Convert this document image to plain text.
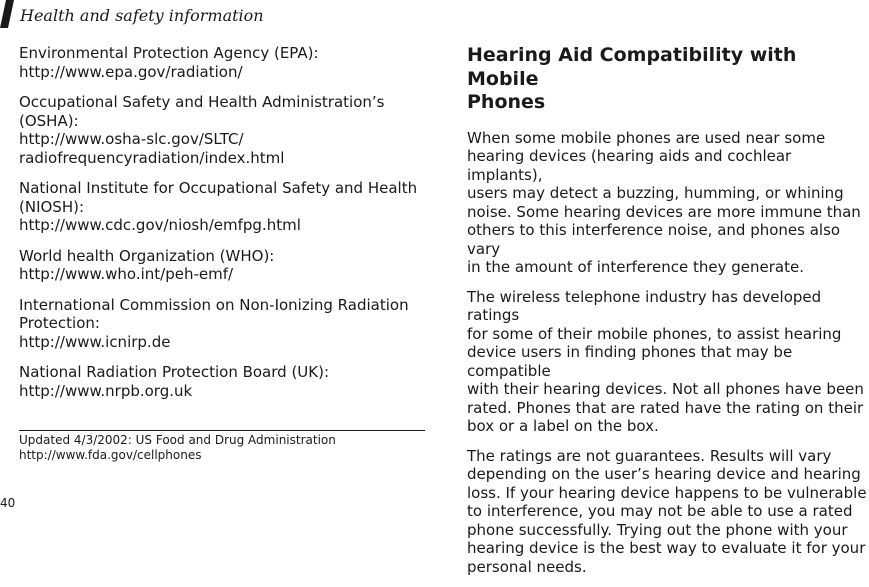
Health and safety information
Environmental Protection Agency (EPA):
http://www.epa.gov/radiation/
Occupational Safety and Health Administration’s
(OSHA):
http://www.osha-slc.gov/SLTC/
radiofrequencyradiation/index.html
National Institute for Occupational Safety and Health
(NIOSH):
http://www.cdc.gov/niosh/emfpg.html
World health Organization (WHO):
http://www.who.int/peh-emf/
International Commission on Non-Ionizing Radiation
Protection:
http://www.icnirp.de
National Radiation Protection Board (UK):
http://www.nrpb.org.uk
Updated 4/3/2002: US Food and Drug Administration
http://www.fda.gov/cellphones
Hearing Aid Compatibility with Mobile
Phones
When some mobile phones are used near some
hearing devices (hearing aids and cochlear implants),
users may detect a buzzing, humming, or whining
noise. Some hearing devices are more immune than
others to this interference noise, and phones also vary
in the amount of interference they generate.
The wireless telephone industry has developed ratings
for some of their mobile phones, to assist hearing
device users in finding phones that may be compatible
with their hearing devices. Not all phones have been
rated. Phones that are rated have the rating on their
box or a label on the box.
The ratings are not guarantees. Results will vary
depending on the user’s hearing device and hearing
loss. If your hearing device happens to be vulnerable
to interference, you may not be able to use a rated
phone successfully. Trying out the phone with your
hearing device is the best way to evaluate it for your
personal needs.
40
